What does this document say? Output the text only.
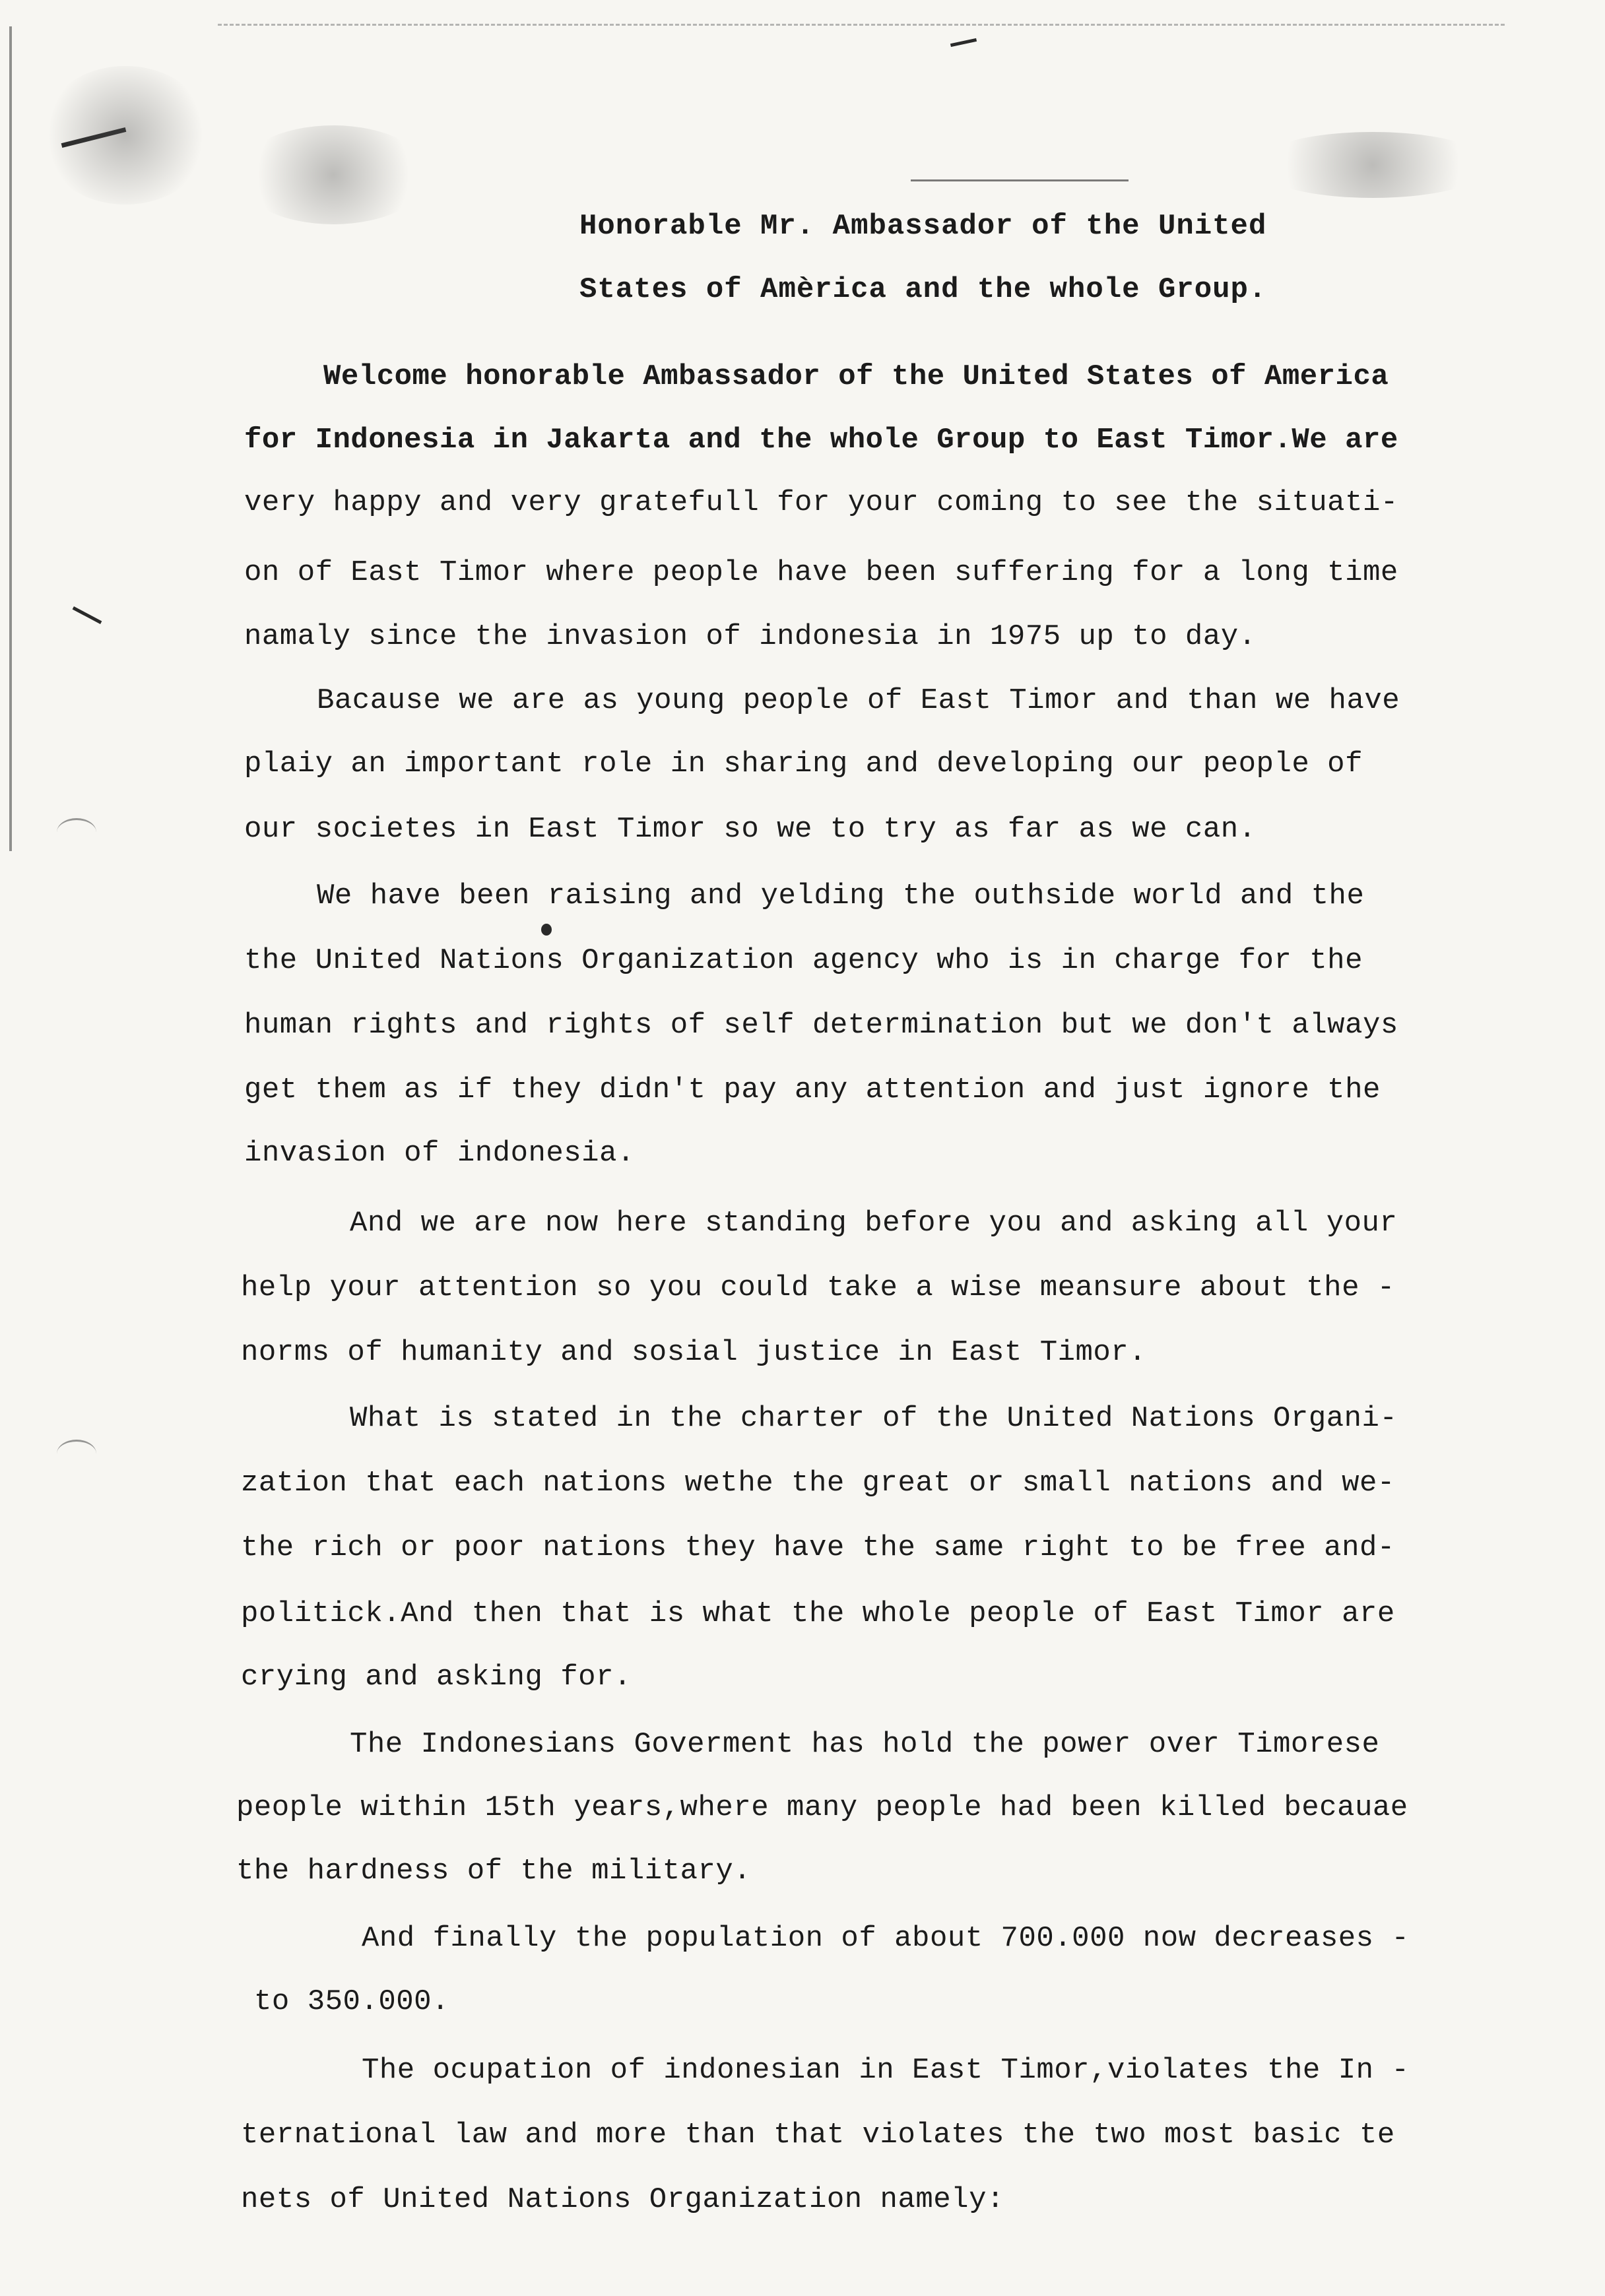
Honorable Mr. Ambassador of the United
States of Amèrica and the whole Group.
Welcome honorable Ambassador of the United States of America
for Indonesia in Jakarta and the whole Group to East Timor.We are
very happy and very gratefull for your coming to see the situati-
on of East Timor where people have been suffering for a long time
namaly since the invasion of indonesia in 1975 up to day.
Bacause we are as young people of East Timor and than we have
plaiy an important role in sharing and developing our people of
our societes in East Timor so we to try as far as we can.
We have been raising and yelding the outhside world and the
the United Nations Organization agency who is in charge for the
human rights and rights of self determination but we don't always
get them as if they didn't pay any attention and just ignore the
invasion of indonesia.
And we are now here standing before you and asking all your
help your attention so you could take a wise meansure about the -
norms of humanity and sosial justice in East Timor.
What is stated in the charter of the United Nations Organi-
zation that each nations wethe the great or small nations and we-
the rich or poor nations they have the same right to be free and-
politick.And then that is what the whole people of East Timor are
crying and asking for.
The Indonesians Goverment has hold the power over Timorese
people within 15th years,where many people had been killed becauae
the hardness of the military.
And finally the population of about 700.000 now decreases -
to 350.000.
The ocupation of indonesian in East Timor,violates the In -
ternational law and more than that violates the two most basic te
nets of United Nations Organization namely:
